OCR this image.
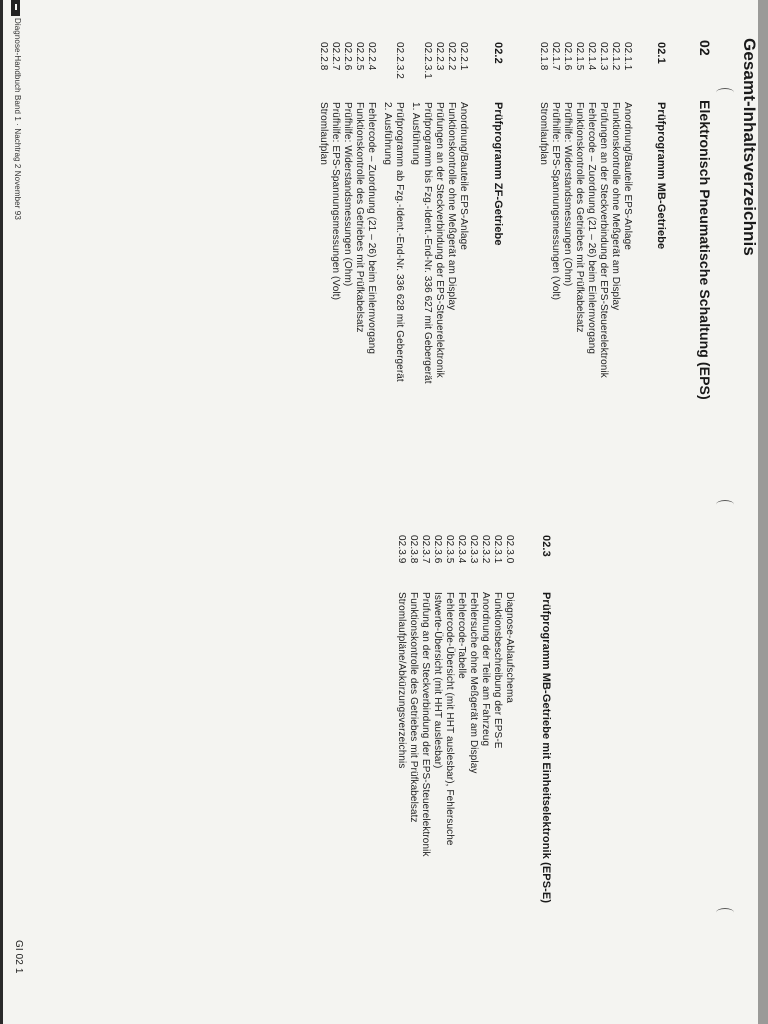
Gesamt-Inhaltsverzeichnis
02
Elektronisch Pneumatische Schaltung (EPS)
02.1
Prüfprogramm MB-Getriebe
02.1.1
Anordnung/Bauteile EPS-Anlage
02.1.2
Funktionskontrolle ohne Meßgerät am Display
02.1.3
Prüfungen an der Steckverbindung der EPS-Steuerelektronik
02.1.4
Fehlercode – Zuordnung (21 – 26) beim Einlernvorgang
02.1.5
Funktionskontrolle des Getriebes mit Prüfkabelsatz
02.1.6
Prüfhilfe: Widerstandsmessungen (Ohm)
02.1.7
Prüfhilfe: EPS-Spannungsmessungen (Volt)
02.1.8
Stromlaufplan
02.2
Prüfprogramm ZF-Getriebe
02.2.1
Anordnung/Bauteile EPS-Anlage
02.2.2
Funktionskontrolle ohne Meßgerät am Display
02.2.3
Prüfungen an der Steckverbindung der EPS-Steuerelektronik
02.2.3.1
Prüfprogramm bis Fzg.-Ident.-End-Nr. 336 627 mit Gebergerät
1. Ausführung
02.2.3.2
Prüfprogramm ab Fzg.-Ident.-End-Nr. 336 628 mit Gebergerät
2. Ausführung
02.2.4
Fehlercode – Zuordnung (21 – 26) beim Einlernvorgang
02.2.5
Funktionskontrolle des Getriebes mit Prüfkabelsatz
02.2.6
Prüfhilfe: Widerstandsmessungen (Ohm)
02.2.7
Prüfhilfe: EPS-Spannungsmessungen (Volt)
02.2.8
Stromlaufplan
02.3
Prüfprogramm MB-Getriebe mit Einheitselektronik (EPS-E)
02.3.0
Diagnose-Ablaufschema
02.3.1
Funktionsbeschreibung der EPS-E
02.3.2
Anordnung der Teile am Fahrzeug
02.3.3
Fehlersuche ohne Meßgerät am Display
02.3.4
Fehlercode-Tabelle
02.3.5
Fehlercode-Übersicht (mit HHT auslesbar), Fehlersuche
02.3.6
Istwerte-Übersicht (mit HHT auslesbar)
02.3.7
Prüfung an der Steckverbindung der EPS-Steuerelektronik
02.3.8
Funktionskontrolle des Getriebes mit Prüfkabelsatz
02.3.9
Stromlaufpläne/Abkürzungsverzeichnis
Diagnose-Handbuch Band 1 · Nachtrag 2 November 93
GI 02 1
